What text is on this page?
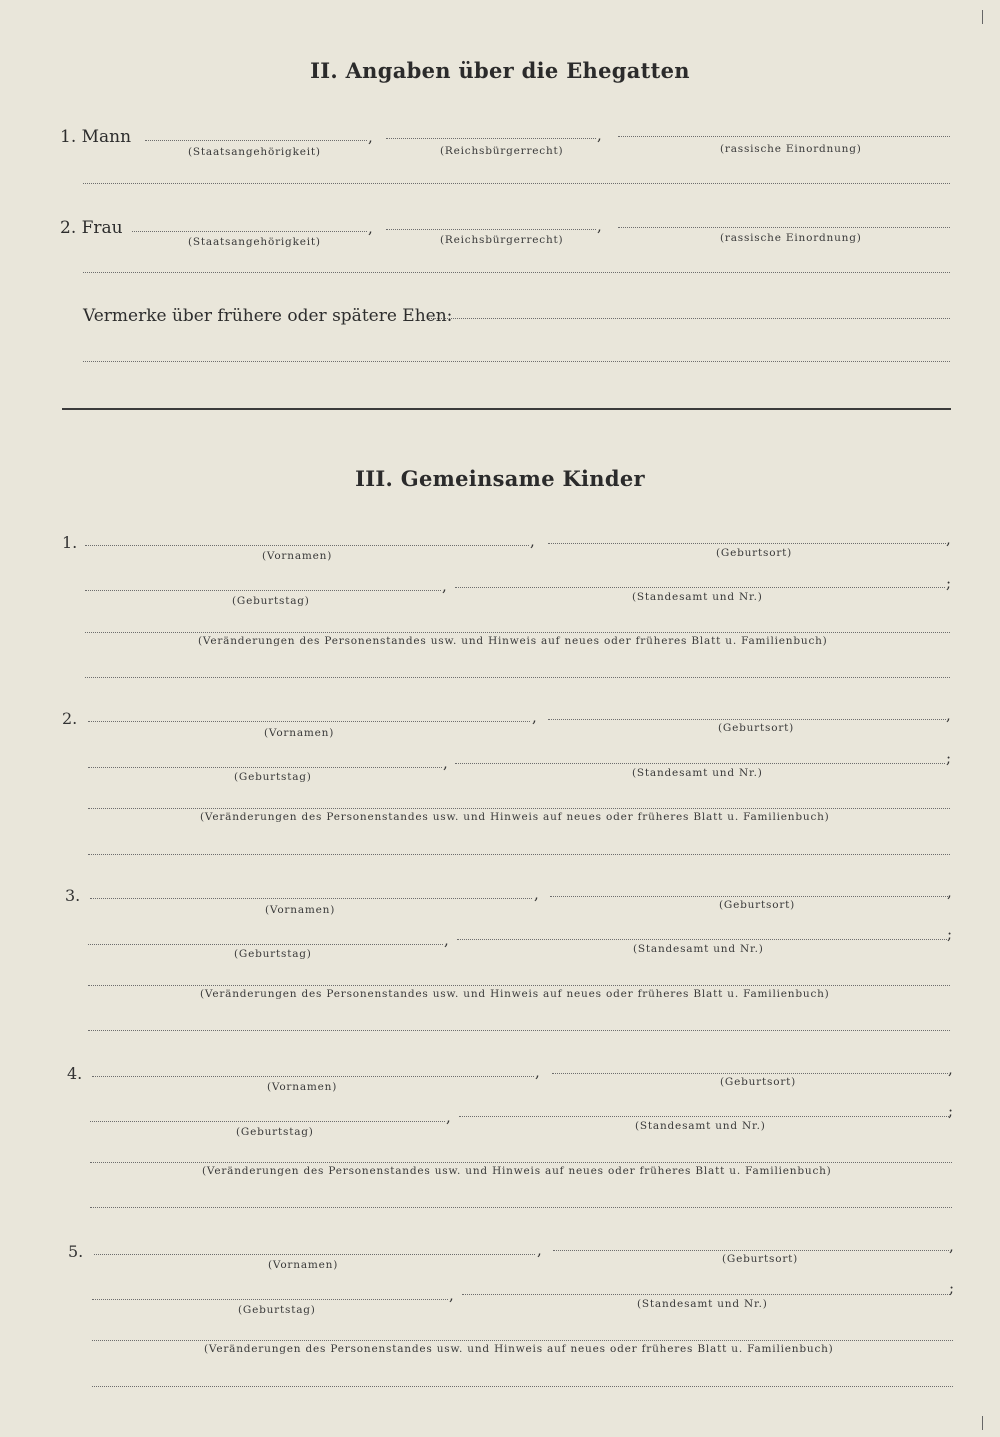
II. Angaben über die Ehegatten
1. Mann	,	,
(Staatsangehörigkeit)	(Reichsbürgerrecht)	(rassische Einordnung)
2. Frau	,	,
(Staatsangehörigkeit)	(Reichsbürgerrecht)	(rassische Einordnung)
Vermerke über frühere oder spätere Ehen:
III. Gemeinsame Kinder
1.	,	,
(Vornamen)	(Geburtsort)
,	;
(Geburtstag)	(Standesamt und Nr.)
(Veränderungen des Personenstandes usw. und Hinweis auf neues oder früheres Blatt u. Familienbuch)
2.	,	,
(Vornamen)	(Geburtsort)
,	;
(Geburtstag)	(Standesamt und Nr.)
(Veränderungen des Personenstandes usw. und Hinweis auf neues oder früheres Blatt u. Familienbuch)
3.	,	,
(Vornamen)	(Geburtsort)
,	;
(Geburtstag)	(Standesamt und Nr.)
(Veränderungen des Personenstandes usw. und Hinweis auf neues oder früheres Blatt u. Familienbuch)
4.	,	,
(Vornamen)	(Geburtsort)
,	;
(Geburtstag)	(Standesamt und Nr.)
(Veränderungen des Personenstandes usw. und Hinweis auf neues oder früheres Blatt u. Familienbuch)
5.	,	,
(Vornamen)	(Geburtsort)
,	;
(Geburtstag)	(Standesamt und Nr.)
(Veränderungen des Personenstandes usw. und Hinweis auf neues oder früheres Blatt u. Familienbuch)
